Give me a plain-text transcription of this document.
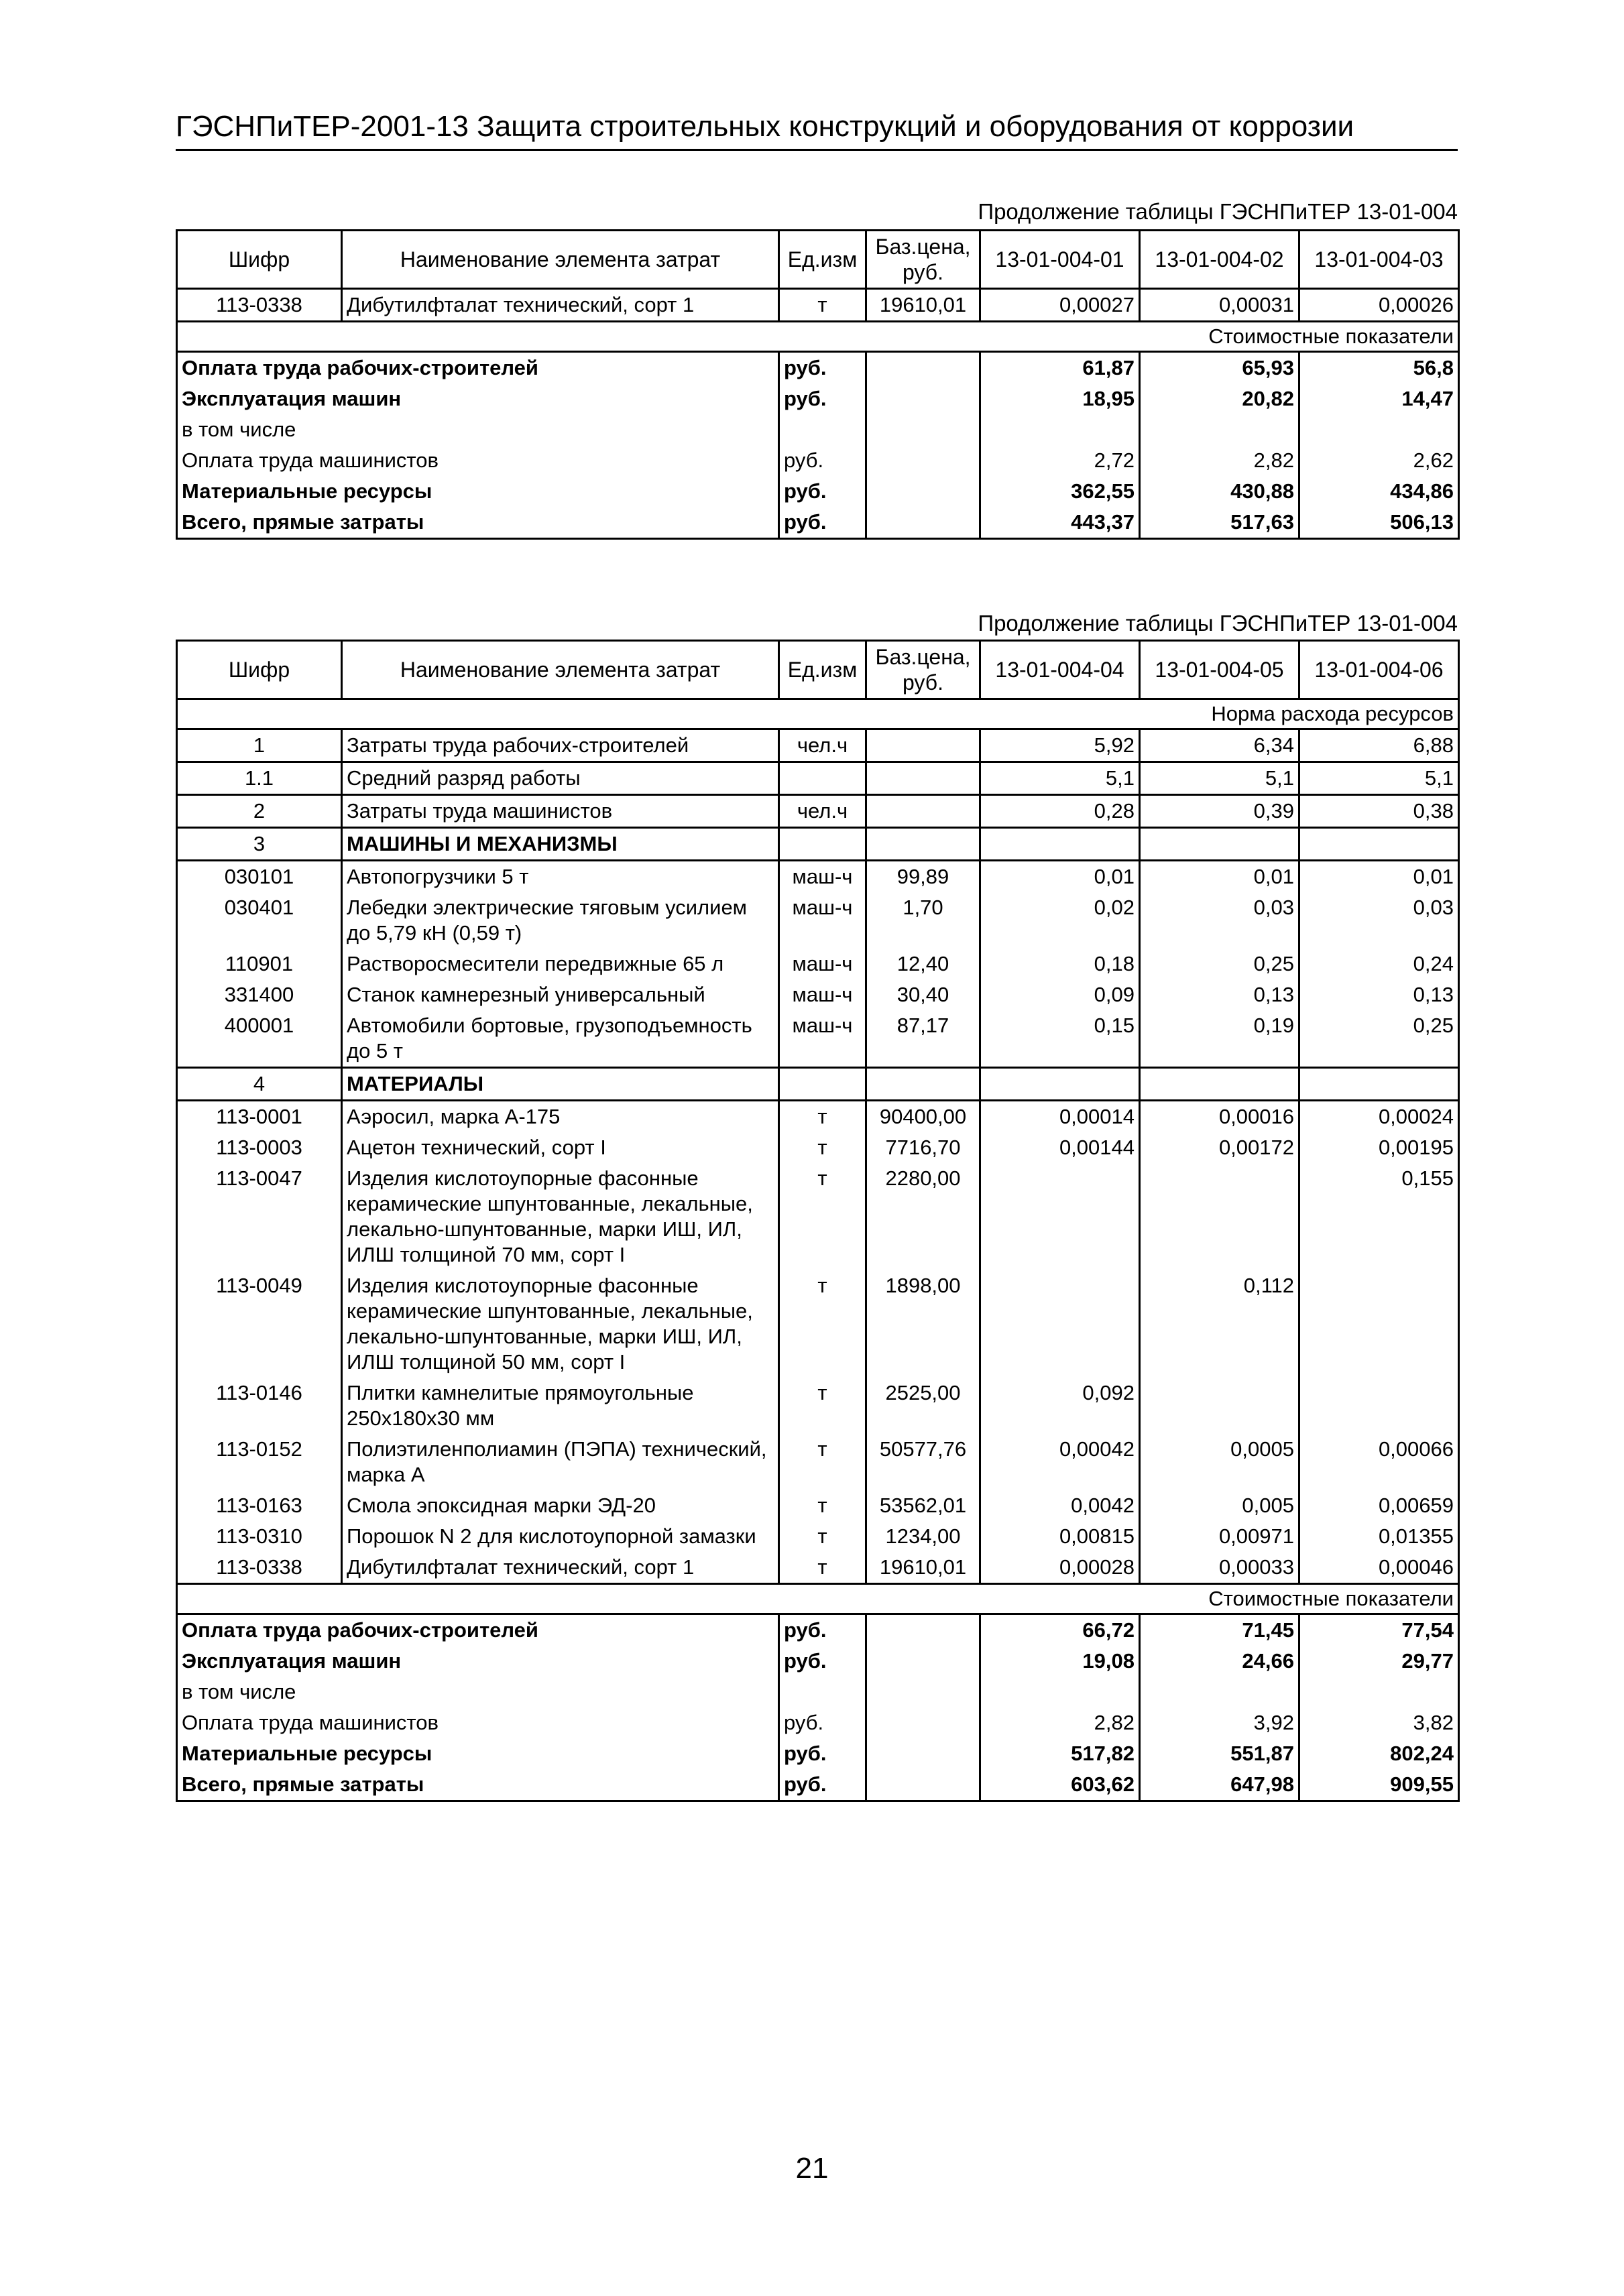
ГЭСНПиТЕР-2001-13 Защита строительных конструкций и оборудования от коррозии
Продолжение таблицы ГЭСНПиТЕР 13-01-004
Шифр	Наименование элемента затрат	Ед.изм	Баз.цена, руб.	13-01-004-01	13-01-004-02	13-01-004-03
113-0338	Дибутилфталат технический, сорт 1	т	19610,01	0,00027	0,00031	0,00026
Стоимостные показатели						
Оплата труда рабочих-строителей		руб.		61,87	65,93	56,8
Эксплуатация машин		руб.		18,95	20,82	14,47
в том числе						
Оплата труда машинистов		руб.		2,72	2,82	2,62
Материальные ресурсы		руб.		362,55	430,88	434,86
Всего, прямые затраты		руб.		443,37	517,63	506,13
Продолжение таблицы ГЭСНПиТЕР 13-01-004
Шифр	Наименование элемента затрат	Ед.изм	Баз.цена, руб.	13-01-004-04	13-01-004-05	13-01-004-06
Норма расхода ресурсов						
1	Затраты труда рабочих-строителей	чел.ч		5,92	6,34	6,88
1.1	Средний разряд работы			5,1	5,1	5,1
2	Затраты труда машинистов	чел.ч		0,28	0,39	0,38
3	МАШИНЫ И МЕХАНИЗМЫ					
030101	Автопогрузчики 5 т	маш-ч	99,89	0,01	0,01	0,01
030401	Лебедки электрические тяговым усилием до 5,79 кН (0,59 т)	маш-ч	1,70	0,02	0,03	0,03
110901	Растворосмесители передвижные 65 л	маш-ч	12,40	0,18	0,25	0,24
331400	Станок камнерезный универсальный	маш-ч	30,40	0,09	0,13	0,13
400001	Автомобили бортовые, грузоподъемность до 5 т	маш-ч	87,17	0,15	0,19	0,25
4	МАТЕРИАЛЫ					
113-0001	Аэросил, марка А-175	т	90400,00	0,00014	0,00016	0,00024
113-0003	Ацетон технический, сорт I	т	7716,70	0,00144	0,00172	0,00195
113-0047	Изделия кислотоупорные фасонные керамические шпунтованные, лекальные, лекально-шпунтованные, марки ИШ, ИЛ, ИЛШ толщиной 70 мм, сорт I	т	2280,00			0,155
113-0049	Изделия кислотоупорные фасонные керамические шпунтованные, лекальные, лекально-шпунтованные, марки ИШ, ИЛ, ИЛШ толщиной 50 мм, сорт I	т	1898,00		0,112	
113-0146	Плитки камнелитые прямоугольные 250х180х30 мм	т	2525,00	0,092		
113-0152	Полиэтиленполиамин (ПЭПА) технический, марка А	т	50577,76	0,00042	0,0005	0,00066
113-0163	Смола эпоксидная марки ЭД-20	т	53562,01	0,0042	0,005	0,00659
113-0310	Порошок N 2 для кислотоупорной замазки	т	1234,00	0,00815	0,00971	0,01355
113-0338	Дибутилфталат технический, сорт 1	т	19610,01	0,00028	0,00033	0,00046
Стоимостные показатели						
Оплата труда рабочих-строителей		руб.		66,72	71,45	77,54
Эксплуатация машин		руб.		19,08	24,66	29,77
в том числе						
Оплата труда машинистов		руб.		2,82	3,92	3,82
Материальные ресурсы		руб.		517,82	551,87	802,24
Всего, прямые затраты		руб.		603,62	647,98	909,55
21
